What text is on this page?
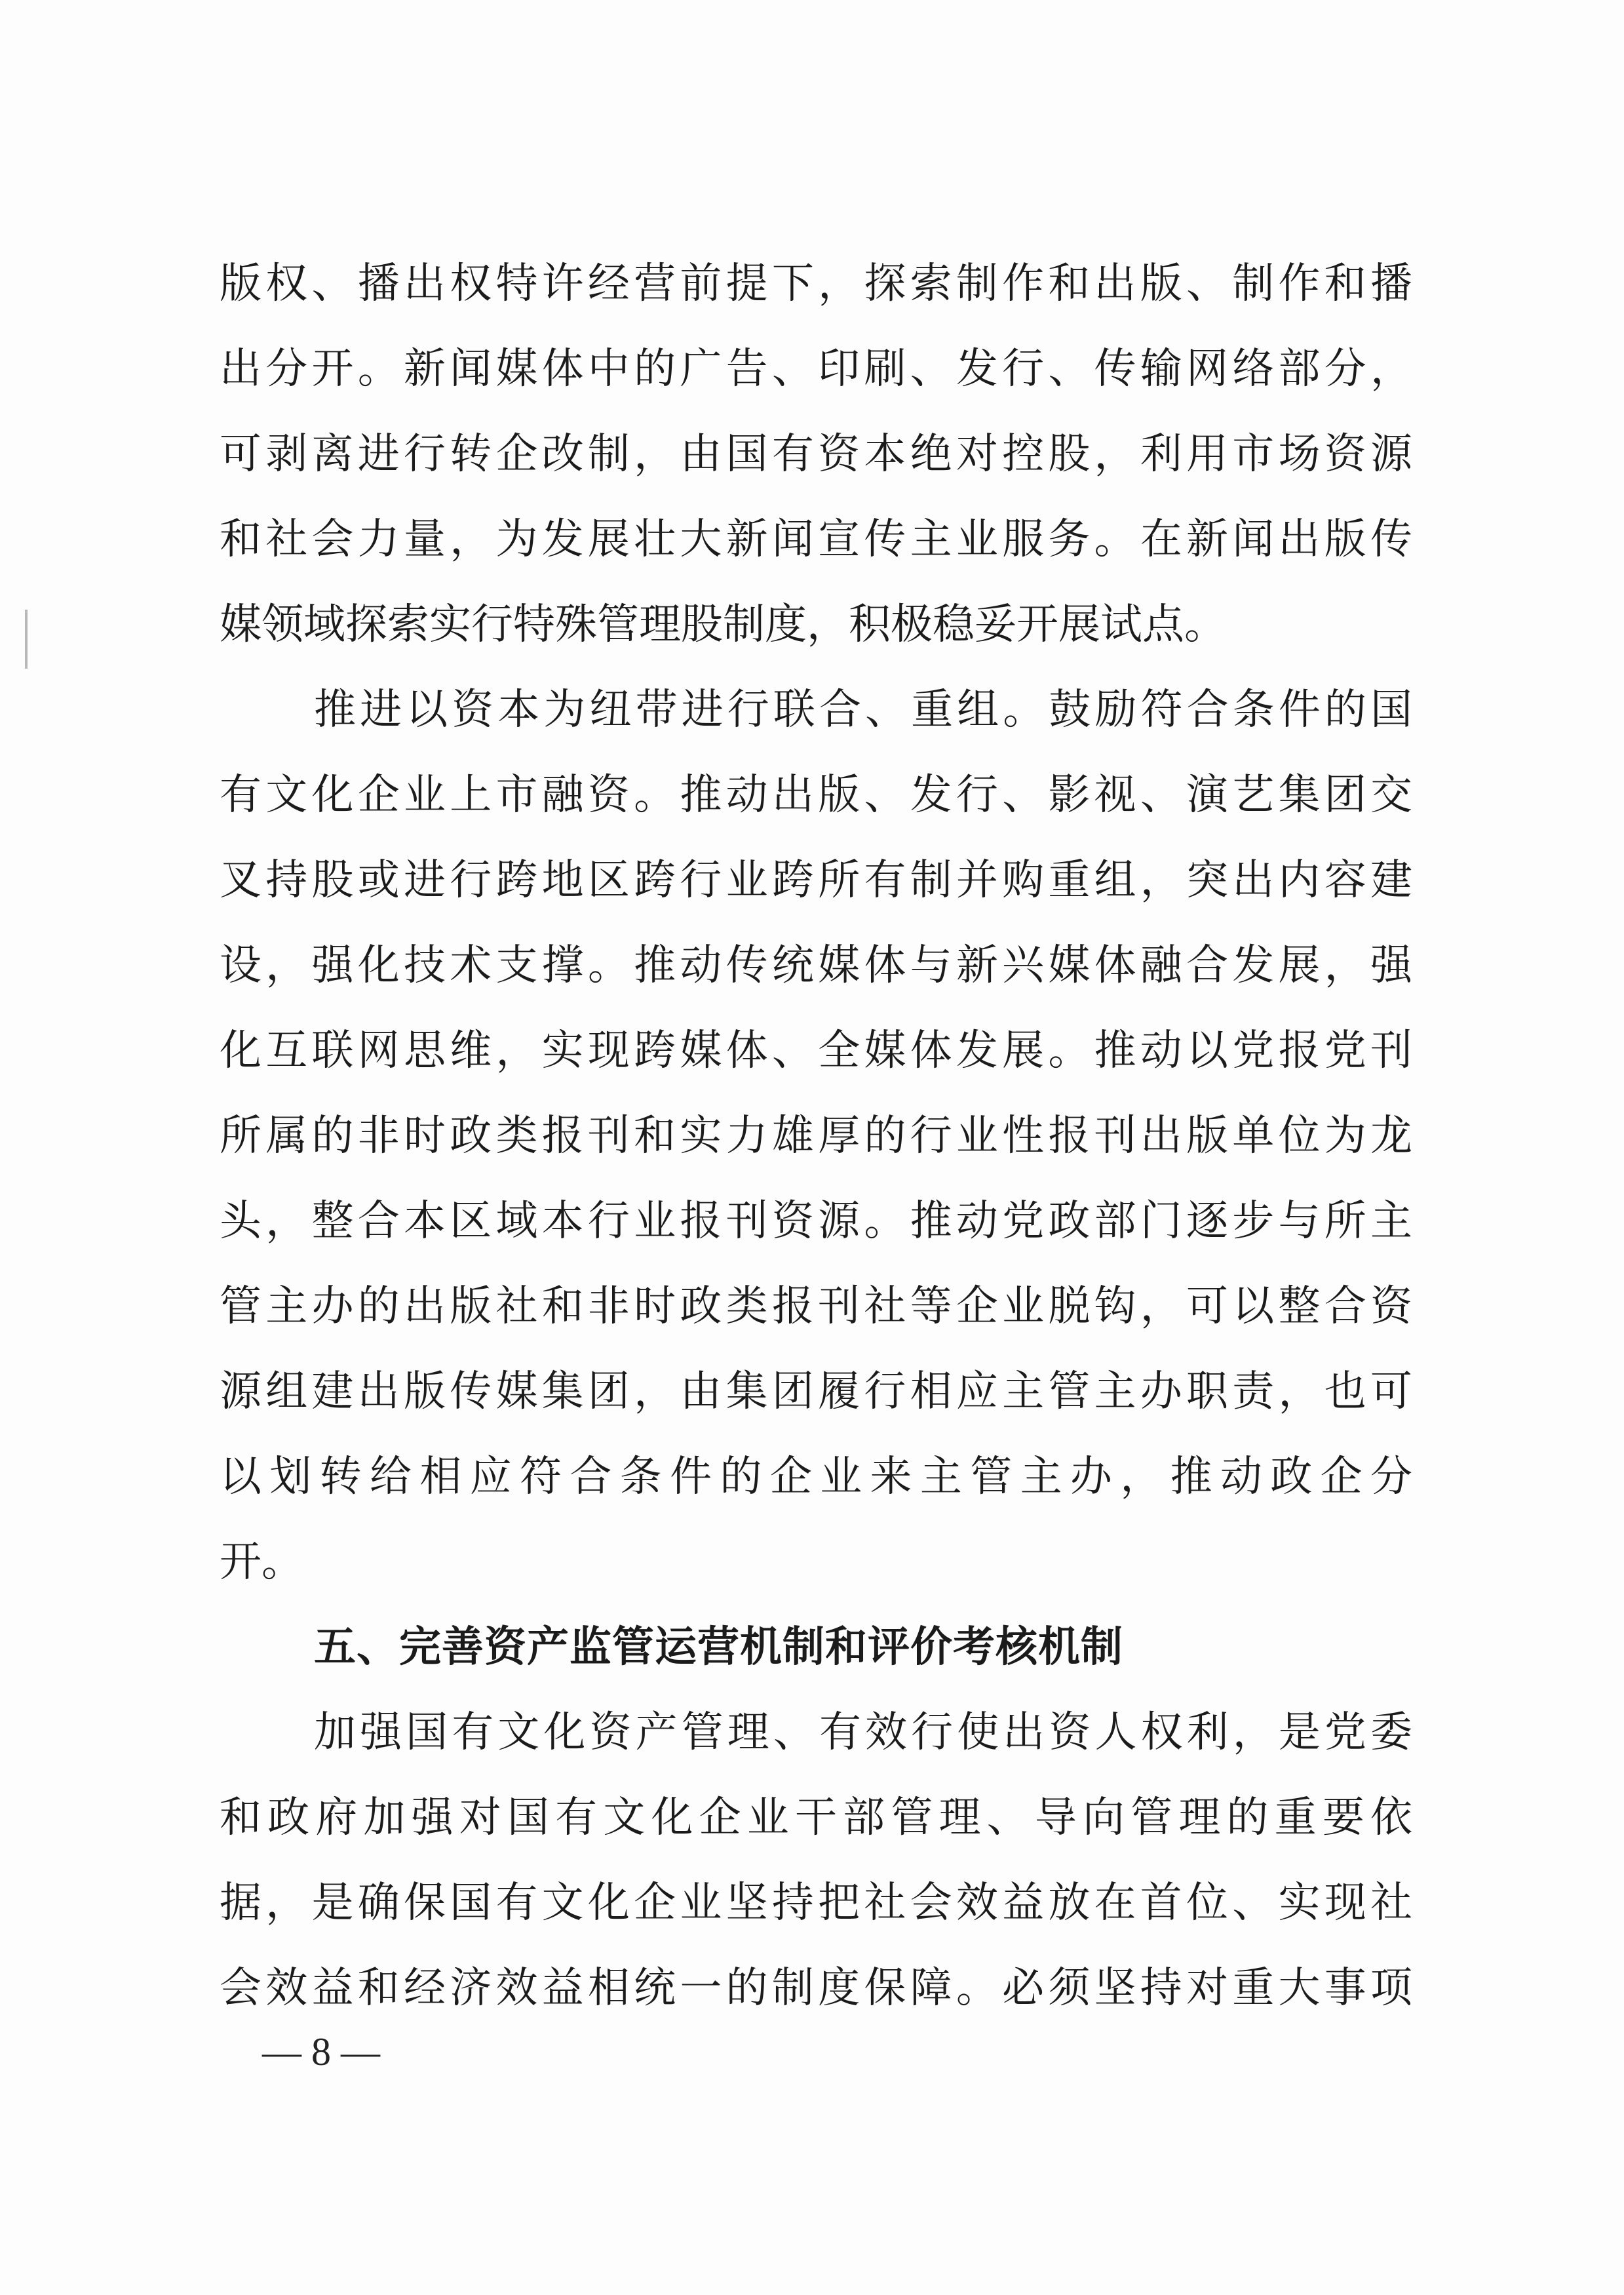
版权、播出权特许经营前提下，探索制作和出版、制作和播
出分开。新闻媒体中的广告、印刷、发行、传输网络部分，
可剥离进行转企改制，由国有资本绝对控股，利用市场资源
和社会力量，为发展壮大新闻宣传主业服务。在新闻出版传
媒领域探索实行特殊管理股制度，积极稳妥开展试点。
推进以资本为纽带进行联合、重组。鼓励符合条件的国
有文化企业上市融资。推动出版、发行、影视、演艺集团交
叉持股或进行跨地区跨行业跨所有制并购重组，突出内容建
设，强化技术支撑。推动传统媒体与新兴媒体融合发展，强
化互联网思维，实现跨媒体、全媒体发展。推动以党报党刊
所属的非时政类报刊和实力雄厚的行业性报刊出版单位为龙
头，整合本区域本行业报刊资源。推动党政部门逐步与所主
管主办的出版社和非时政类报刊社等企业脱钩，可以整合资
源组建出版传媒集团，由集团履行相应主管主办职责，也可
以划转给相应符合条件的企业来主管主办，推动政企分
开。
五、完善资产监管运营机制和评价考核机制
加强国有文化资产管理、有效行使出资人权利，是党委
和政府加强对国有文化企业干部管理、导向管理的重要依
据，是确保国有文化企业坚持把社会效益放在首位、实现社
会效益和经济效益相统一的制度保障。必须坚持对重大事项
— 8 —
